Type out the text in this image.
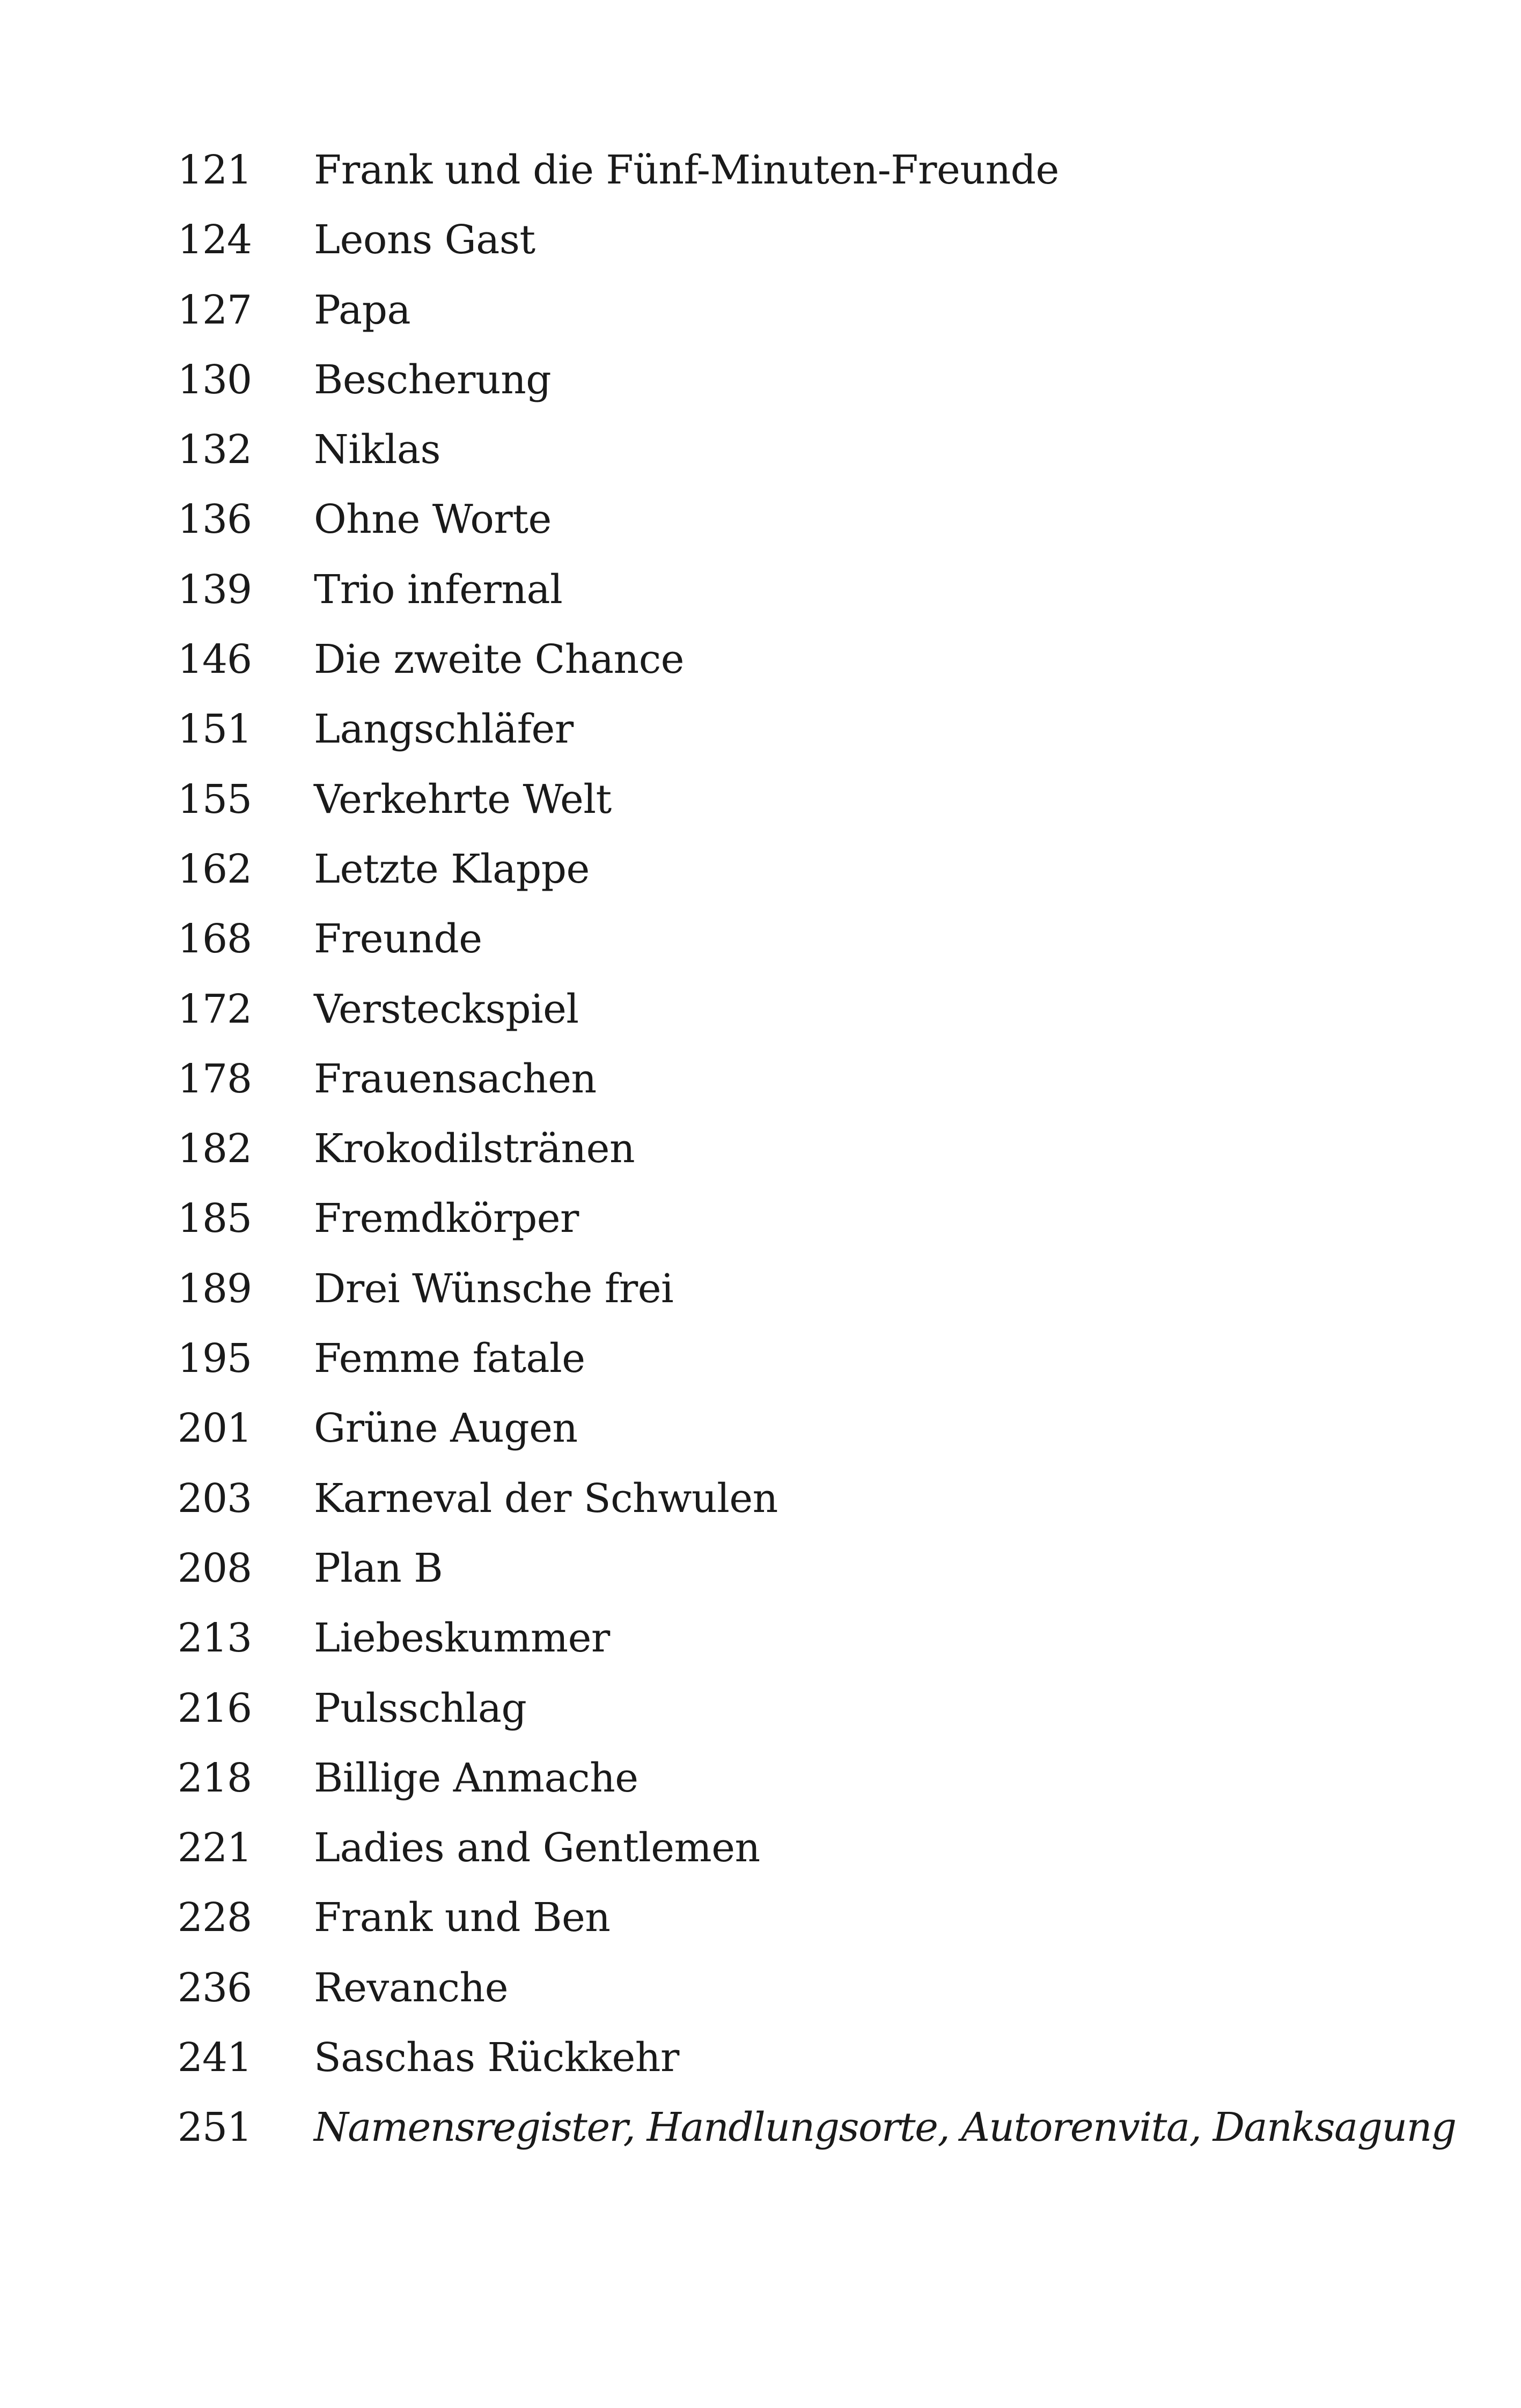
121	Frank und die Fünf-Minuten-Freunde
124	Leons Gast
127	Papa
130	Bescherung
132	Niklas
136	Ohne Worte
139	Trio infernal
146	Die zweite Chance
151	Langschläfer
155	Verkehrte Welt
162	Letzte Klappe
168	Freunde
172	Versteckspiel
178	Frauensachen
182	Krokodilstränen
185	Fremdkörper
189	Drei Wünsche frei
195	Femme fatale
201	Grüne Augen
203	Karneval der Schwulen
208	Plan B
213	Liebeskummer
216	Pulsschlag
218	Billige Anmache
221	Ladies and Gentlemen
228	Frank und Ben
236	Revanche
241	Saschas Rückkehr
251	Namensregister, Handlungsorte, Autorenvita, Danksagung
